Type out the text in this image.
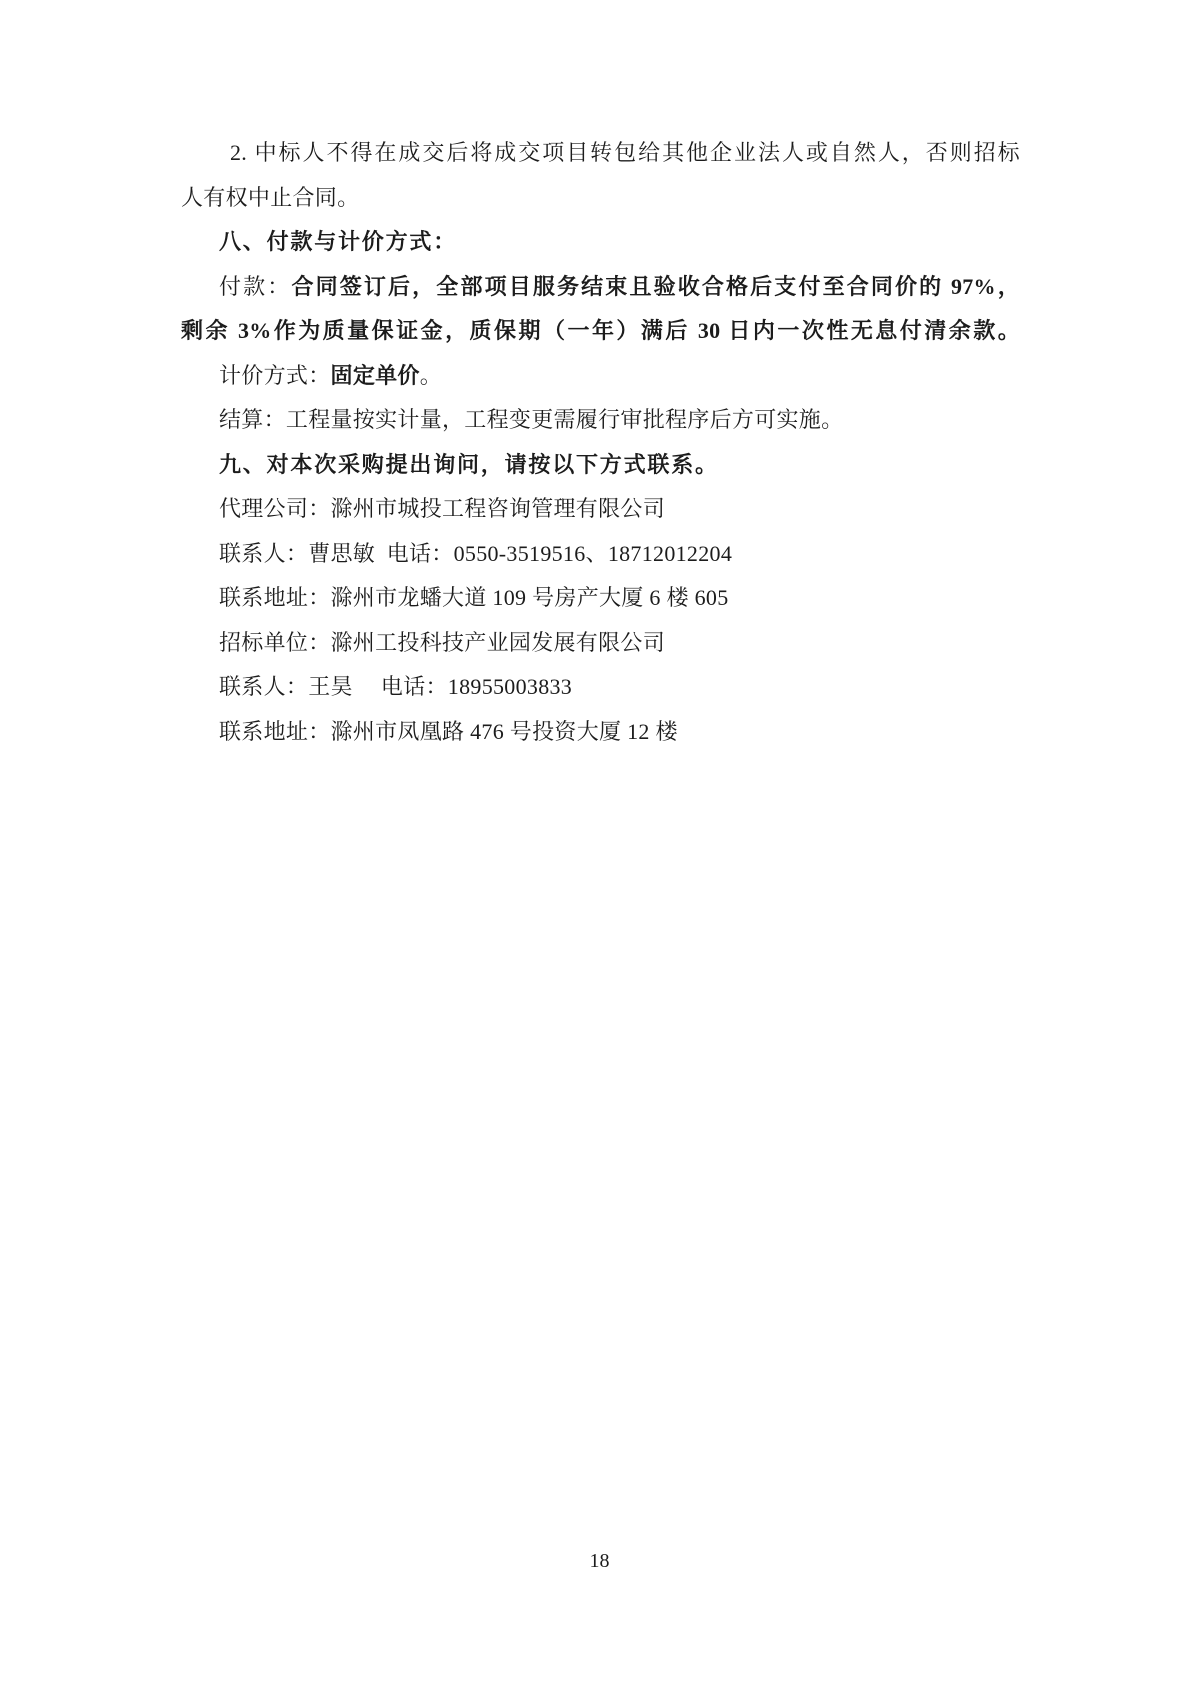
2. 中标人不得在成交后将成交项目转包给其他企业法人或自然人，否则招标
人有权中止合同。
八、付款与计价方式：
付款：合同签订后，全部项目服务结束且验收合格后支付至合同价的 97%，
剩余 3%作为质量保证金，质保期（一年）满后 30 日内一次性无息付清余款。
计价方式：固定单价。
结算：工程量按实计量，工程变更需履行审批程序后方可实施。
九、对本次采购提出询问，请按以下方式联系。
代理公司：滁州市城投工程咨询管理有限公司
联系人：曹思敏  电话：0550-3519516、18712012204
联系地址：滁州市龙蟠大道 109 号房产大厦 6 楼 605
招标单位：滁州工投科技产业园发展有限公司
联系人：王昊　 电话：18955003833
联系地址：滁州市凤凰路 476 号投资大厦 12 楼
18
